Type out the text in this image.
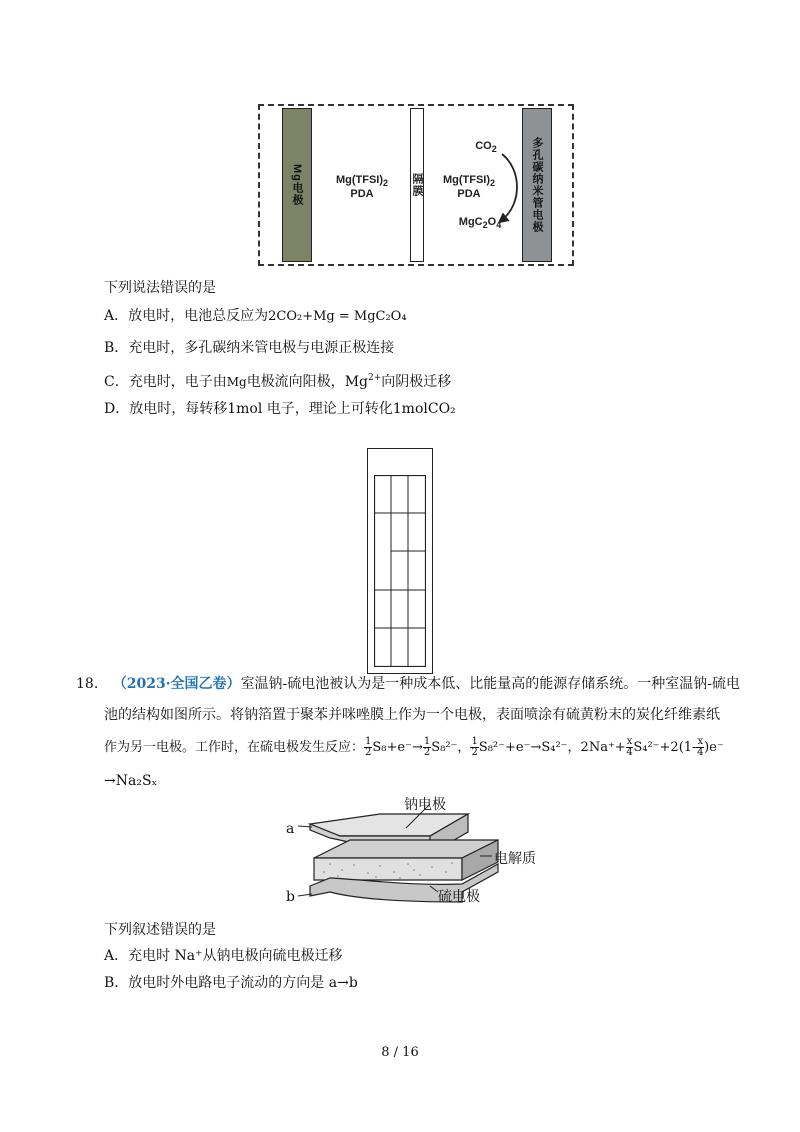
Mg电极	$Mg(TFSI)_2$
PDA	隔膜	$Mg(TFSI)_2$
PDA
$CO_2$
$MgC_2O_4$	多孔碳纳米管电极
下列说法错误的是
A．放电时，电池总反应为2CO₂+Mg = MgC₂O₄
B．充电时，多孔碳纳米管电极与电源正极连接
C．充电时，电子由Mg电极流向阳极，$Mg^{2+}$向阴极迁移
D．放电时，每转移1mol 电子，理论上可转化1molCO₂
18. （2023·全国乙卷）室温钠-硫电池被认为是一种成本低、比能量高的能源存储系统。一种室温钠-硫电
池的结构如图所示。将钠箔置于聚苯并咪唑膜上作为一个电极，表面喷涂有硫黄粉末的炭化纤维素纸
作为另一电极。工作时，在硫电极发生反应： $\frac{1}{2} S_8+e^-\to \frac{1}{2} S_8^{2-}$， $\frac{1}{2} S_8^{2-}+e^-\to S_4^{2-}$，$2Na^++ \frac{x}{4} S_4^{2-}+2(1- \frac{x}{4} )e^-$
→Na₂Sₓ
a
b
钠电极
电解质
硫电极
下列叙述错误的是
A．充电时 Na⁺从钠电极向硫电极迁移
B．放电时外电路电子流动的方向是 a→b
8 / 16
